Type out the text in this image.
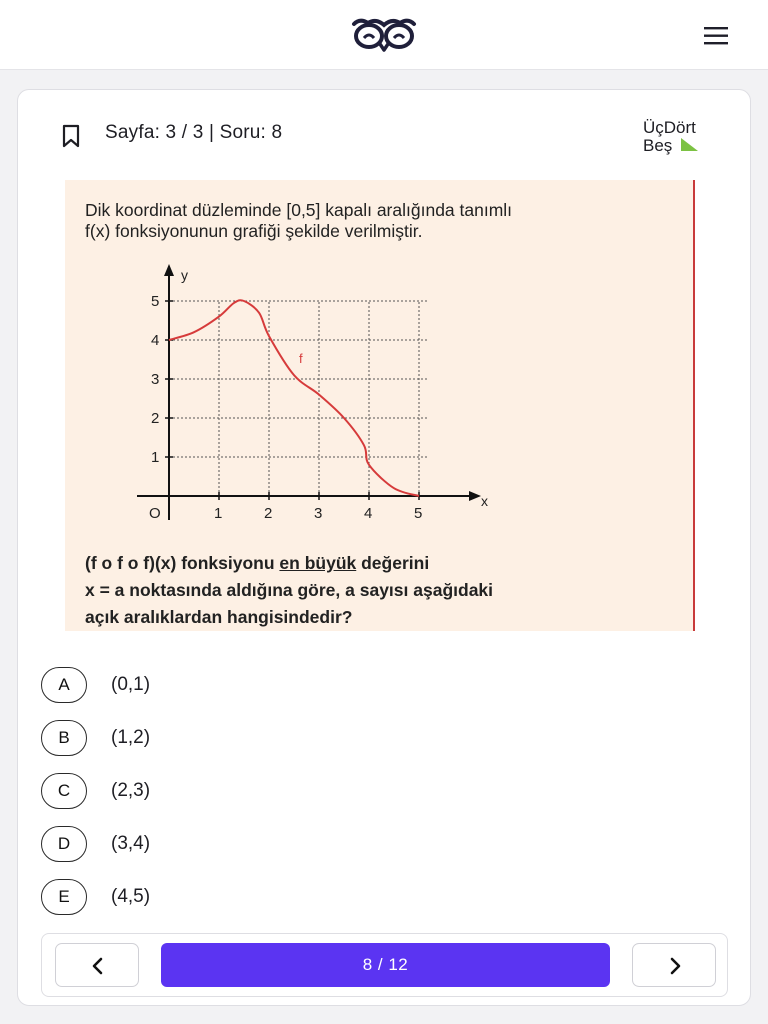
Sayfa: 3 / 3 | Soru: 8	ÜçDört
Beş
Dik koordinat düzleminde [0,5] kapalı aralığında tanımlı
f(x) fonksiyonunun grafiği şekilde verilmiştir.
1	2	3	4	5
1
2
3
4
5
x
y
O
f
(f o f o f)(x) fonksiyonu en büyük değerini
x = a noktasında aldığına göre, a sayısı aşağıdaki
açık aralıklardan hangisindedir?
A	(0,1)
B	(1,2)
C	(2,3)
D	(3,4)
E	(4,5)
8 / 12
